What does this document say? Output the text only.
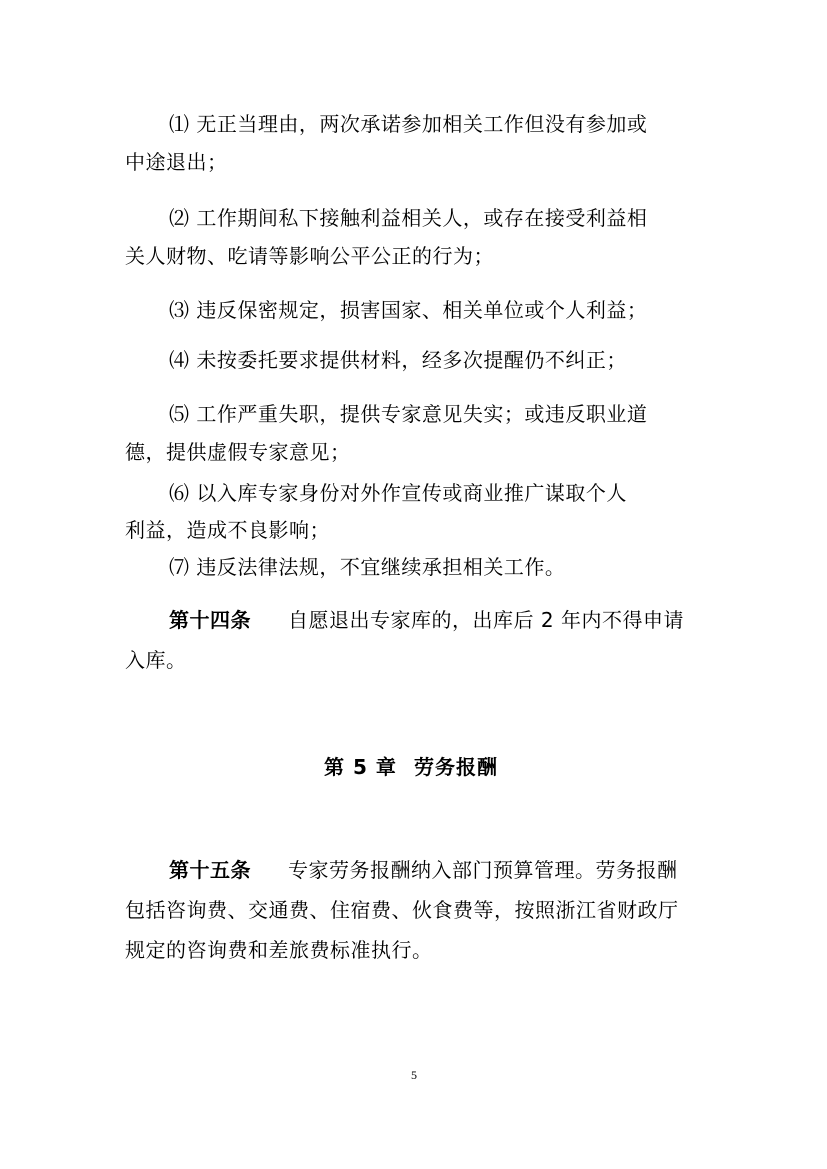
⑴ 无正当理由，两次承诺参加相关工作但没有参加或
中途退出；
⑵ 工作期间私下接触利益相关人，或存在接受利益相
关人财物、吃请等影响公平公正的行为；
⑶ 违反保密规定，损害国家、相关单位或个人利益；
⑷ 未按委托要求提供材料，经多次提醒仍不纠正；
⑸ 工作严重失职，提供专家意见失实；或违反职业道
德，提供虚假专家意见；
⑹ 以入库专家身份对外作宣传或商业推广谋取个人
利益，造成不良影响；
⑺ 违反法律法规，不宜继续承担相关工作。
第十四条 自愿退出专家库的，出库后 2 年内不得申请
入库。
第 5 章 劳务报酬
第十五条 专家劳务报酬纳入部门预算管理。劳务报酬
包括咨询费、交通费、住宿费、伙食费等，按照浙江省财政厅
规定的咨询费和差旅费标准执行。
5
